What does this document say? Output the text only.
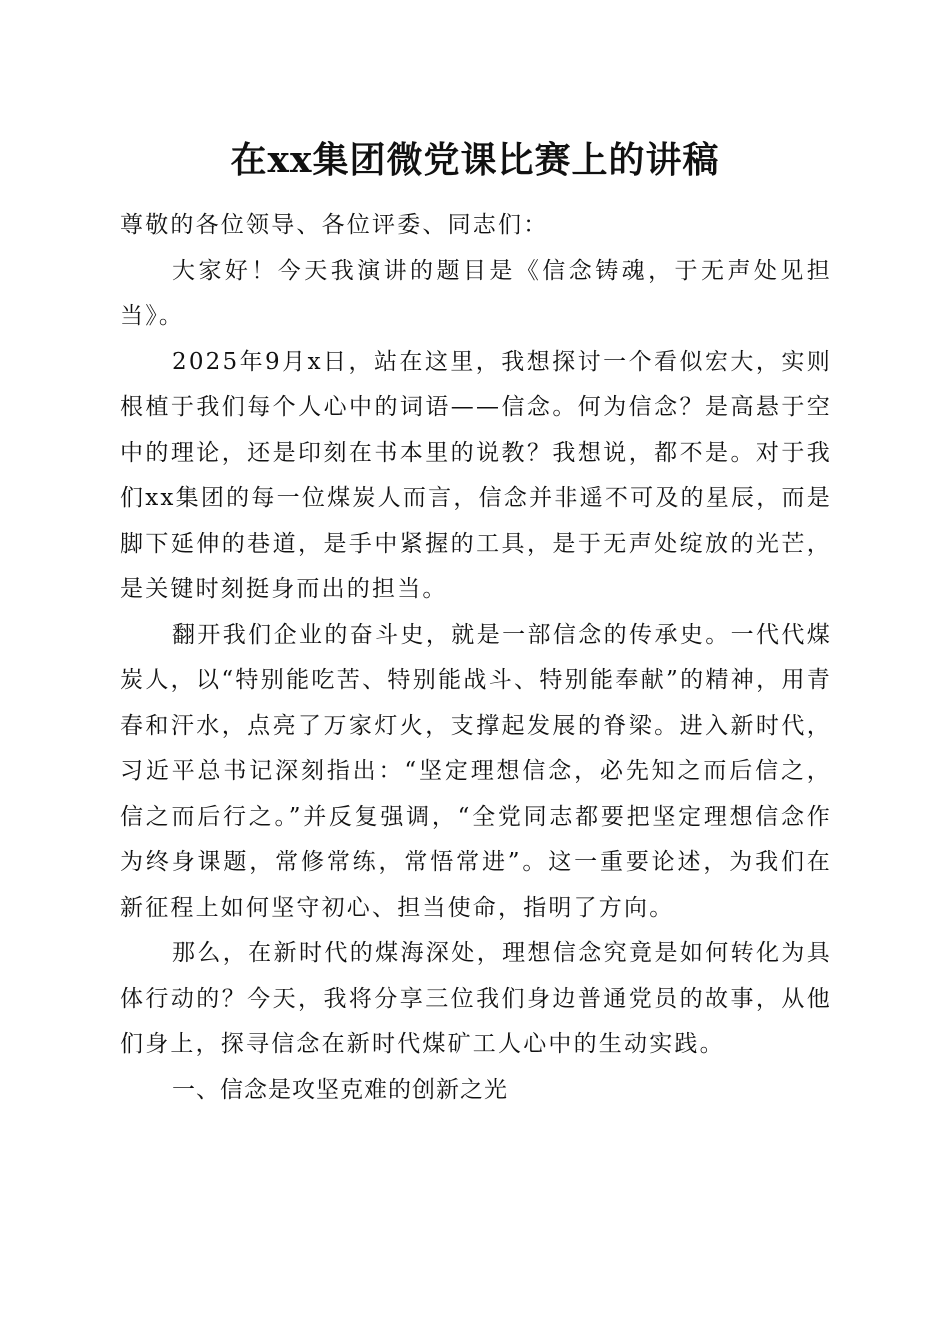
在xx集团微党课比赛上的讲稿

尊敬的各位领导、各位评委、同志们：

大家好！今天我演讲的题目是《信念铸魂，于无声处见担当》。

2025年9月x日，站在这里，我想探讨一个看似宏大，实则根植于我们每个人心中的词语——信念。何为信念？是高悬于空中的理论，还是印刻在书本里的说教？我想说，都不是。对于我们xx集团的每一位煤炭人而言，信念并非遥不可及的星辰，而是脚下延伸的巷道，是手中紧握的工具，是于无声处绽放的光芒，是关键时刻挺身而出的担当。

翻开我们企业的奋斗史，就是一部信念的传承史。一代代煤炭人，以“特别能吃苦、特别能战斗、特别能奉献”的精神，用青春和汗水，点亮了万家灯火，支撑起发展的脊梁。进入新时代，习近平总书记深刻指出：“坚定理想信念，必先知之而后信之，信之而后行之。”并反复强调，“全党同志都要把坚定理想信念作为终身课题，常修常练，常悟常进”。这一重要论述，为我们在新征程上如何坚守初心、担当使命，指明了方向。

那么，在新时代的煤海深处，理想信念究竟是如何转化为具体行动的？今天，我将分享三位我们身边普通党员的故事，从他们身上，探寻信念在新时代煤矿工人心中的生动实践。

一、信念是攻坚克难的创新之光
